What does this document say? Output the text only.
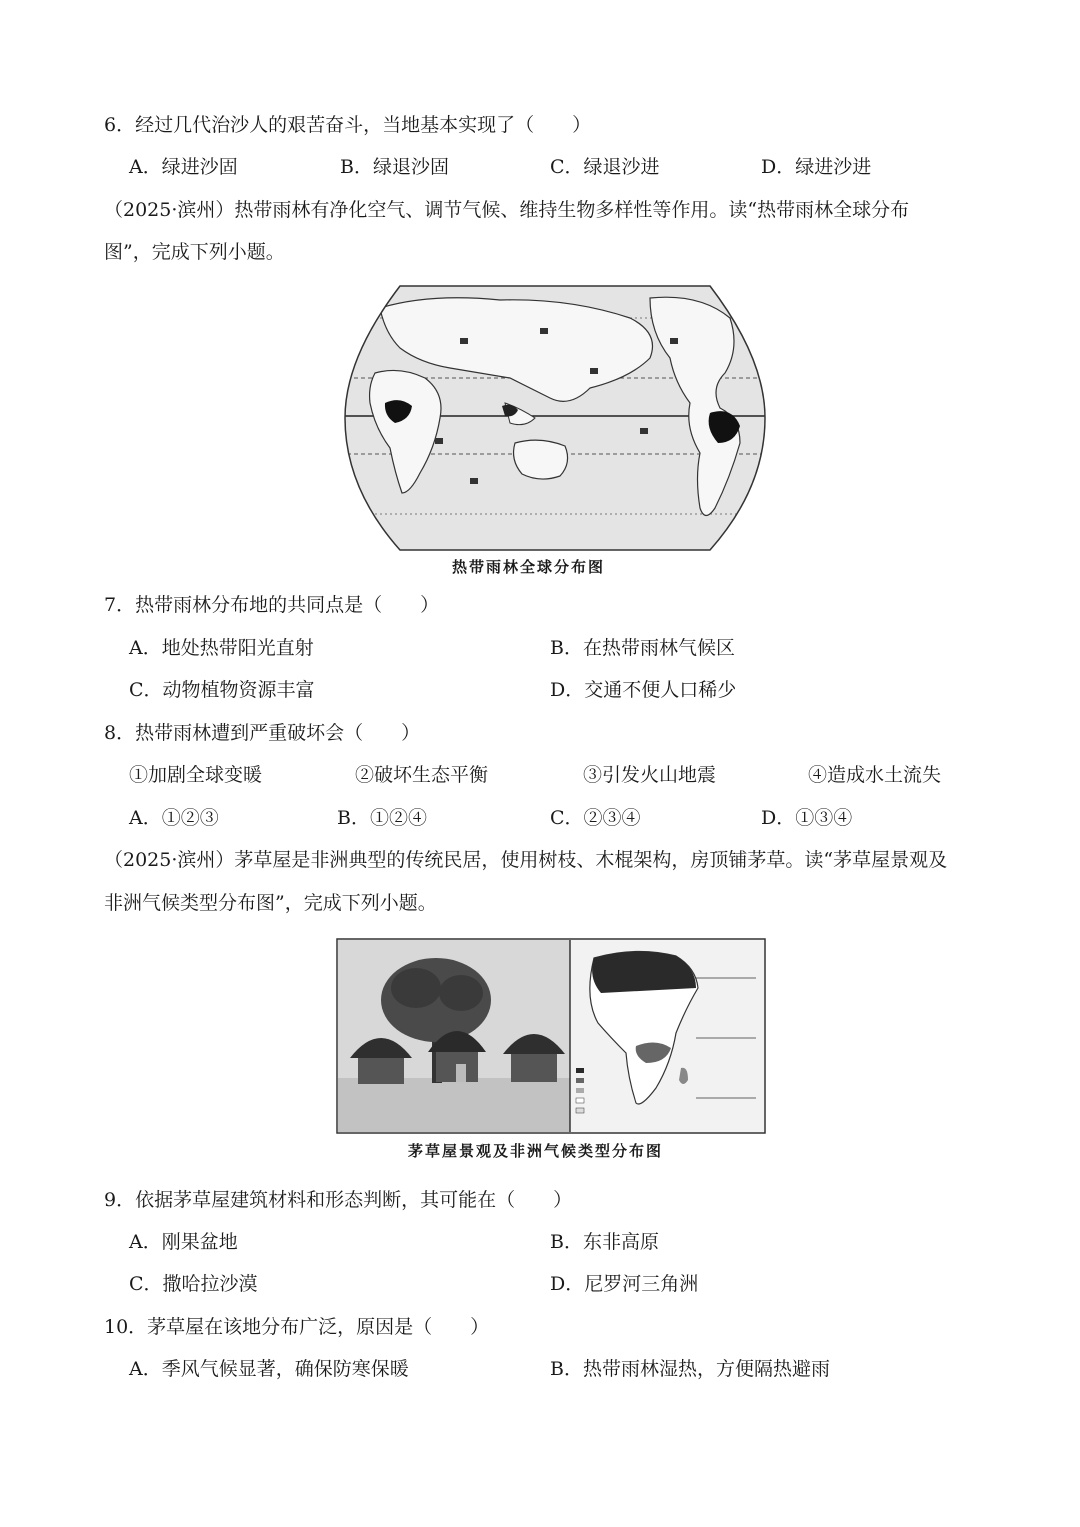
6．经过几代治沙人的艰苦奋斗，当地基本实现了（　　）
A．绿进沙固	B．绿退沙固	C．绿退沙进	D．绿进沙进
（2025·滨州）热带雨林有净化空气、调节气候、维持生物多样性等作用。读“热带雨林全球分布
图”，完成下列小题。
热带雨林全球分布图
7．热带雨林分布地的共同点是（　　）
A．地处热带阳光直射	B．在热带雨林气候区
C．动物植物资源丰富	D．交通不便人口稀少
8．热带雨林遭到严重破坏会（　　）
①加剧全球变暖	②破坏生态平衡	③引发火山地震	④造成水土流失
A．①②③	B．①②④	C．②③④	D．①③④
（2025·滨州）茅草屋是非洲典型的传统民居，使用树枝、木棍架构，房顶铺茅草。读“茅草屋景观及
非洲气候类型分布图”，完成下列小题。
茅草屋景观及非洲气候类型分布图
9．依据茅草屋建筑材料和形态判断，其可能在（　　）
A．刚果盆地	B．东非高原
C．撒哈拉沙漠	D．尼罗河三角洲
10．茅草屋在该地分布广泛，原因是（　　）
A．季风气候显著，确保防寒保暖	B．热带雨林湿热，方便隔热避雨
